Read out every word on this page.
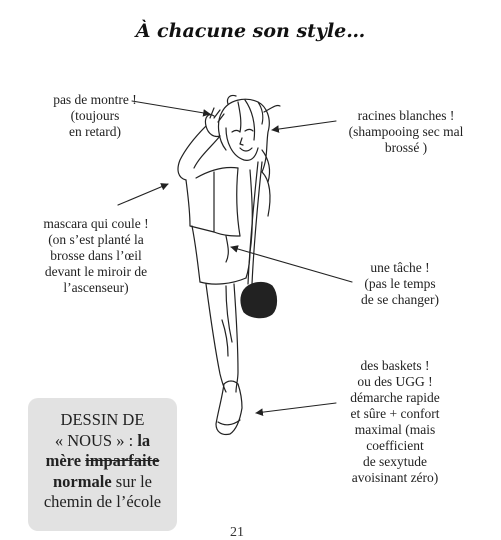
À chacune son style…
pas de montre !
(toujours
en retard)
racines blanches !
(shampooing sec mal
brossé )
mascara qui coule !
(on s’est planté la
brosse dans l’œil
devant le miroir de
l’ascenseur)
une tâche !
(pas le temps
de se changer)
des baskets !
ou des UGG !
démarche rapide
et sûre + confort
maximal (mais
coefficient
de sexytude
avoisinant zéro)
DESSIN DE
« NOUS » : la
mère imparfaite
normale sur le
chemin de l’école
21
